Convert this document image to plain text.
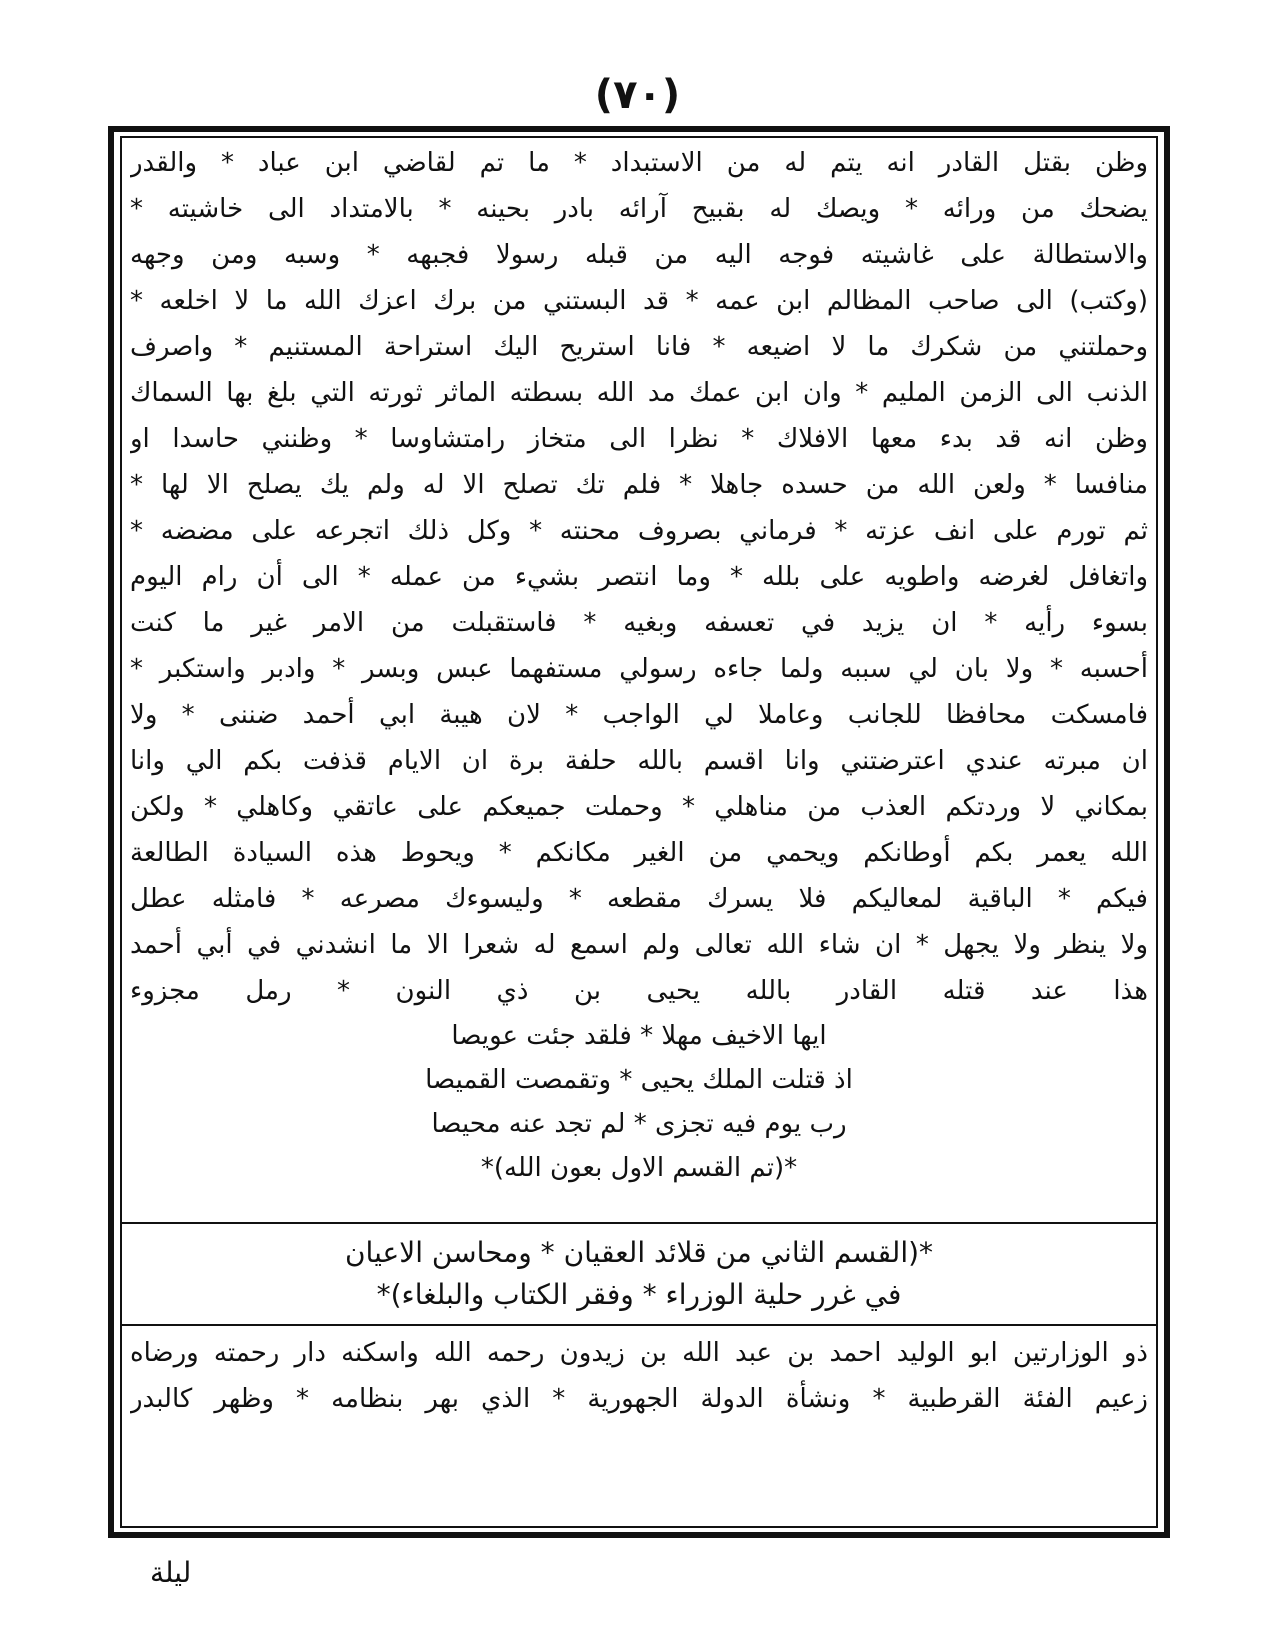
(٧٠)
وظن بقتل القادر انه يتم له من الاستبداد * ما تم لقاضي ابن عباد * والقدر
يضحك من ورائه * ويصك له بقبيح آرائه بادر بحينه * بالامتداد الى خاشيته *
والاستطالة على غاشيته فوجه اليه من قبله رسولا فجبهه * وسبه ومن وجهه
(وكتب) الى صاحب المظالم ابن عمه * قد البستني من برك اعزك الله ما لا اخلعه *
وحملتني من شكرك ما لا اضيعه * فانا استريح اليك استراحة المستنيم * واصرف
الذنب الى الزمن المليم * وان ابن عمك مد الله بسطته الماثر ثورته التي بلغ بها السماك
وظن انه قد بدء معها الافلاك * نظرا الى متخاز رامتشاوسا * وظنني حاسدا او
منافسا * ولعن الله من حسده جاهلا * فلم تك تصلح الا له ولم يك يصلح الا لها *
ثم تورم على انف عزته * فرماني بصروف محنته * وكل ذلك اتجرعه على مضضه *
واتغافل لغرضه واطويه على بلله * وما انتصر بشيء من عمله * الى أن رام اليوم
بسوء رأيه * ان يزيد في تعسفه وبغيه * فاستقبلت من الامر غير ما كنت
أحسبه * ولا بان لي سببه ولما جاءه رسولي مستفهما عبس وبسر * وادبر واستكبر *
فامسكت محافظا للجانب وعاملا لي الواجب * لان هيبة ابي أحمد ضننى * ولا
ان مبرته عندي اعترضتني وانا اقسم بالله حلفة برة ان الايام قذفت بكم الي وانا
بمكاني لا وردتكم العذب من مناهلي * وحملت جميعكم على عاتقي وكاهلي * ولكن
الله يعمر بكم أوطانكم ويحمي من الغير مكانكم * ويحوط هذه السيادة الطالعة
فيكم * الباقية لمعاليكم فلا يسرك مقطعه * وليسوءك مصرعه * فامثله عطل
ولا ينظر ولا يجهل * ان شاء الله تعالى ولم اسمع له شعرا الا ما انشدني في أبي أحمد
هذا عند قتله القادر بالله يحيى بن ذي النون * رمل مجزوء
ايها الاخيف مهلا * فلقد جئت عويصا
اذ قتلت الملك يحيى * وتقمصت القميصا
رب يوم فيه تجزى * لم تجد عنه محيصا
*(تم القسم الاول بعون الله)*
*(القسم الثاني من قلائد العقيان * ومحاسن الاعيان
في غرر حلية الوزراء * وفقر الكتاب والبلغاء)*
ذو الوزارتين ابو الوليد احمد بن عبد الله بن زيدون رحمه الله واسكنه دار رحمته ورضاه
زعيم الفئة القرطبية * ونشأة الدولة الجهورية * الذي بهر بنظامه * وظهر كالبدر
ليلة
